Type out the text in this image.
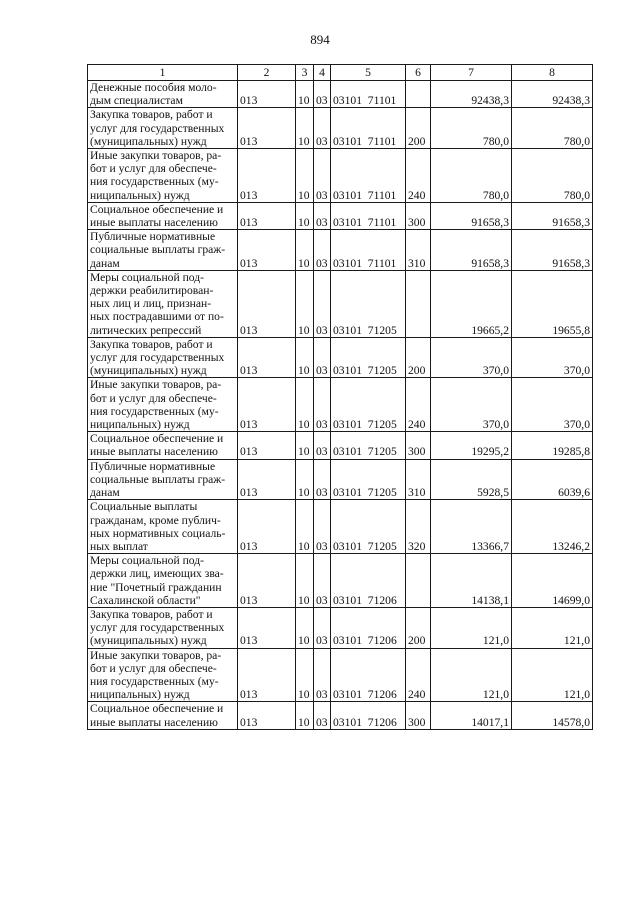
894
1	2	3	4	5	6	7	8
Денежные пособия моло-
дым специалистам	013	10	03	03101  71101		92438,3	92438,3
Закупка товаров, работ и
услуг для государственных
(муниципальных) нужд	013	10	03	03101  71101	200	780,0	780,0
Иные закупки товаров, ра-
бот и услуг для обеспече-
ния государственных (му-
ниципальных) нужд	013	10	03	03101  71101	240	780,0	780,0
Социальное обеспечение и
иные выплаты населению	013	10	03	03101  71101	300	91658,3	91658,3
Публичные нормативные
социальные выплаты граж-
данам	013	10	03	03101  71101	310	91658,3	91658,3
Меры социальной под-
держки реабилитирован-
ных лиц и лиц, признан-
ных пострадавшими от по-
литических репрессий	013	10	03	03101  71205		19665,2	19655,8
Закупка товаров, работ и
услуг для государственных
(муниципальных) нужд	013	10	03	03101  71205	200	370,0	370,0
Иные закупки товаров, ра-
бот и услуг для обеспече-
ния государственных (му-
ниципальных) нужд	013	10	03	03101  71205	240	370,0	370,0
Социальное обеспечение и
иные выплаты населению	013	10	03	03101  71205	300	19295,2	19285,8
Публичные нормативные
социальные выплаты граж-
данам	013	10	03	03101  71205	310	5928,5	6039,6
Социальные выплаты
гражданам, кроме публич-
ных нормативных социаль-
ных выплат	013	10	03	03101  71205	320	13366,7	13246,2
Меры социальной под-
держки лиц, имеющих зва-
ние "Почетный гражданин
Сахалинской области"	013	10	03	03101  71206		14138,1	14699,0
Закупка товаров, работ и
услуг для государственных
(муниципальных) нужд	013	10	03	03101  71206	200	121,0	121,0
Иные закупки товаров, ра-
бот и услуг для обеспече-
ния государственных (му-
ниципальных) нужд	013	10	03	03101  71206	240	121,0	121,0
Социальное обеспечение и
иные выплаты населению	013	10	03	03101  71206	300	14017,1	14578,0
